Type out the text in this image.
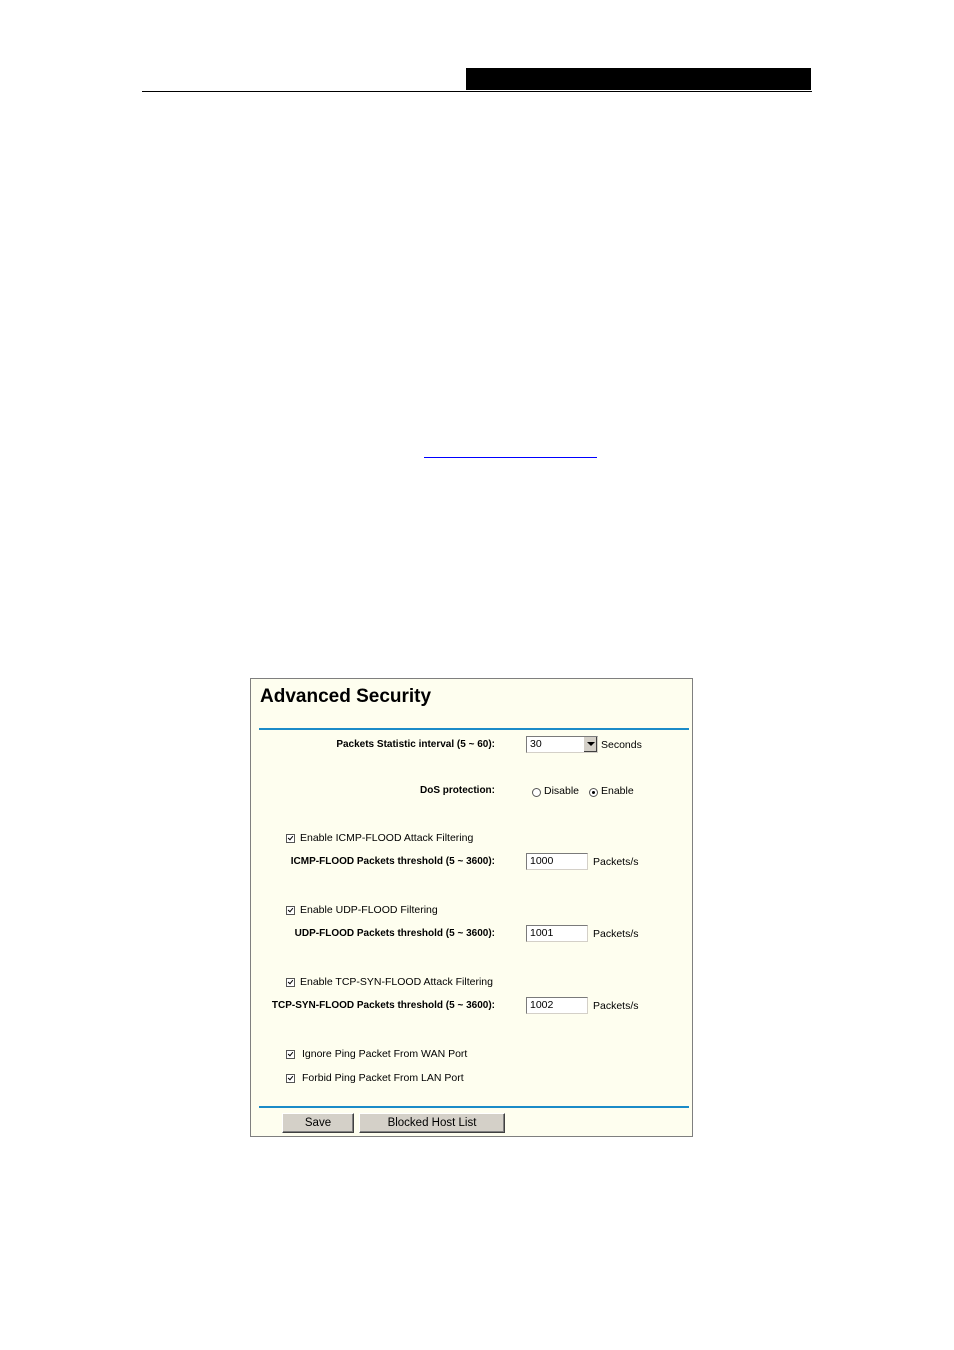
Advanced Security
Packets Statistic interval (5 ~ 60):	30	Seconds
DoS protection:	Disable Enable
Enable ICMP-FLOOD Attack Filtering
ICMP-FLOOD Packets threshold (5 ~ 3600):	1000	Packets/s
Enable UDP-FLOOD Filtering
UDP-FLOOD Packets threshold (5 ~ 3600):	1001	Packets/s
Enable TCP-SYN-FLOOD Attack Filtering
TCP-SYN-FLOOD Packets threshold (5 ~ 3600):	1002	Packets/s
Ignore Ping Packet From WAN Port
Forbid Ping Packet From LAN Port
Save	Blocked Host List
